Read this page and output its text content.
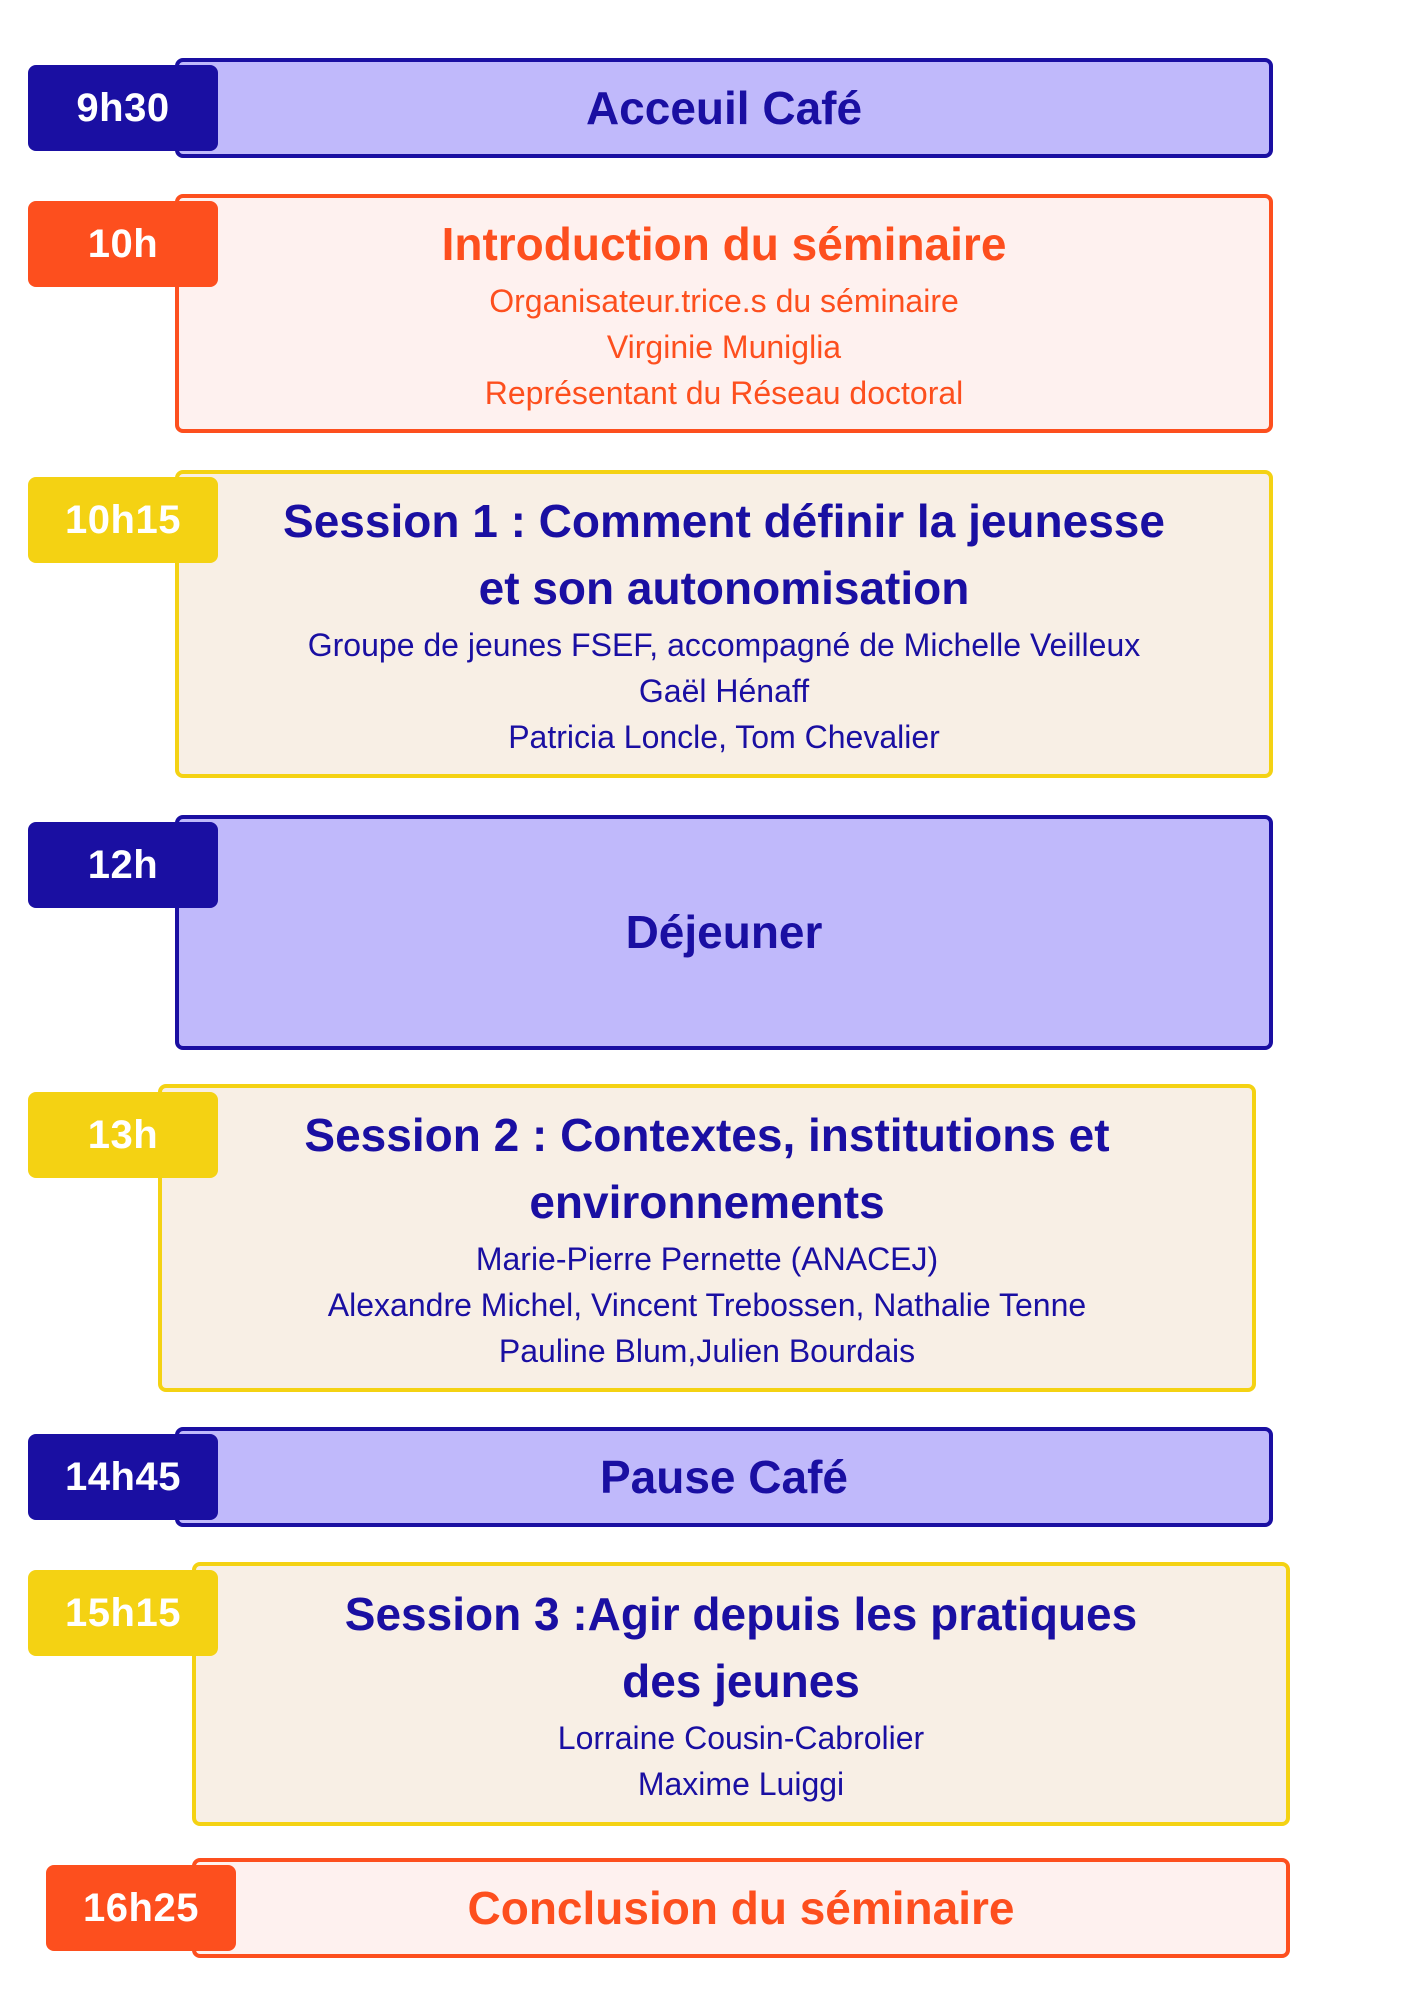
Acceuil Café

9h30

Introduction du séminaire

Organisateur.trice.s du séminaire

Virginie Muniglia

Représentant du Réseau doctoral

10h

Session 1 : Comment définir la jeunesse

et son autonomisation

Groupe de jeunes FSEF, accompagné de Michelle Veilleux

Gaël Hénaff

Patricia Loncle, Tom Chevalier

10h15

Déjeuner

12h

Session 2 : Contextes, institutions et

environnements

Marie-Pierre Pernette (ANACEJ)

Alexandre Michel, Vincent Trebossen, Nathalie Tenne

Pauline Blum,Julien Bourdais

13h

Pause Café

14h45

Session 3 :Agir depuis les pratiques

des jeunes

Lorraine Cousin-Cabrolier

Maxime Luiggi

15h15

Conclusion du séminaire

16h25
